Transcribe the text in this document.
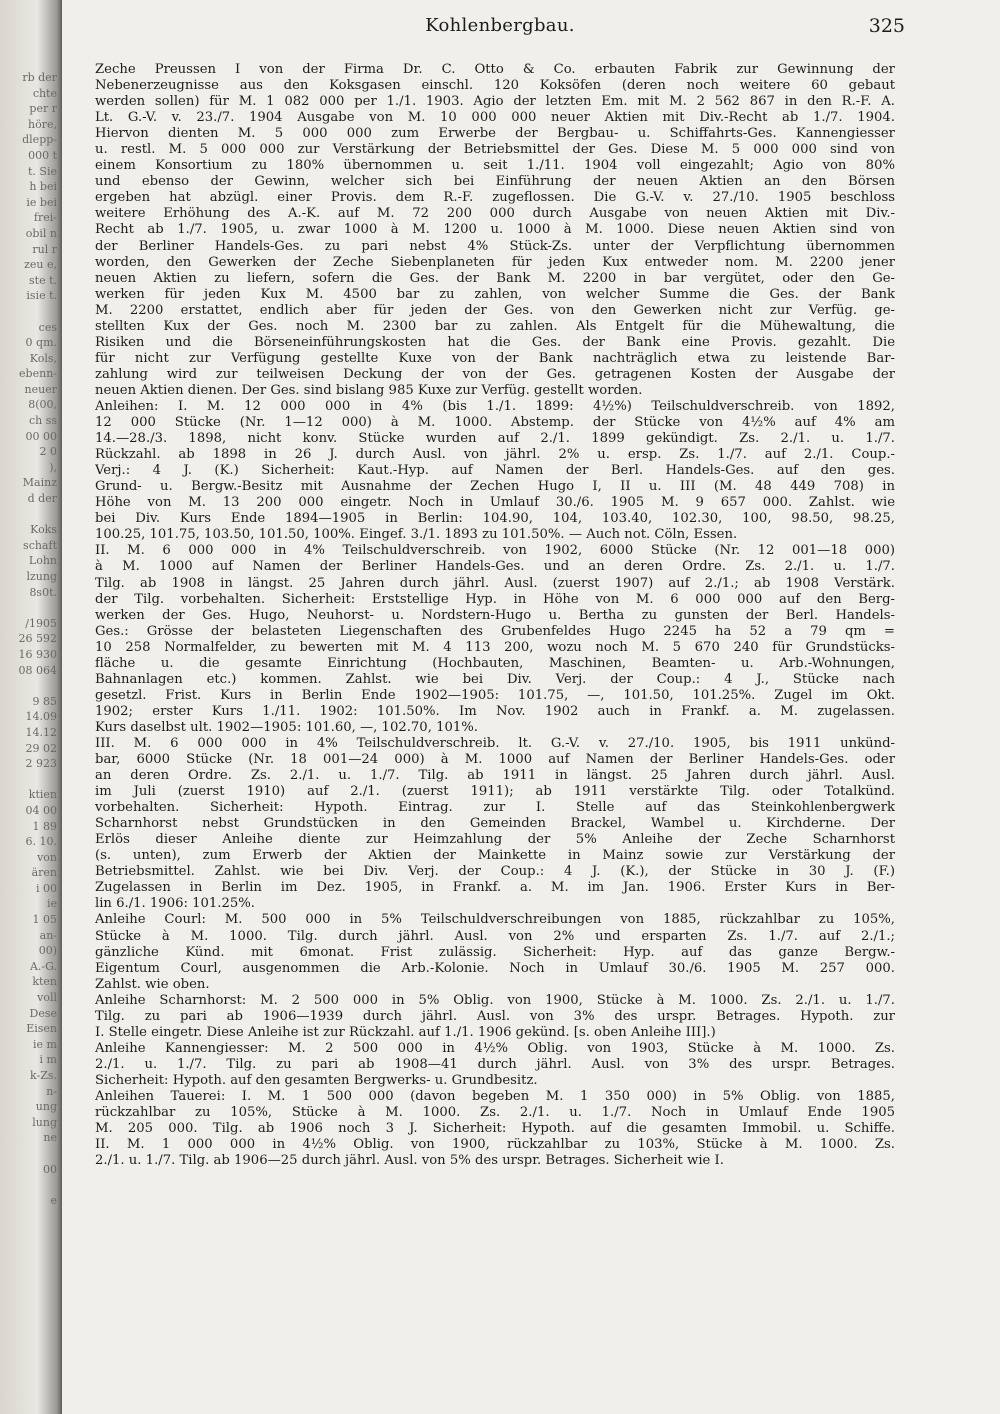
rb der
chte
per r
höre,
dlepp-
000 t
t. Sie
h bei
ie bei
frei-
obil n
rul r
zeu e,
ste t.
isie t.
ces
0 qm.
Kols,
ebenn-
neuer
8(00,
ch ss
00 00
2 0
),
Mainz
d der
Koks
schaft
Lohn
lzung
8s0t.
/1905
26 592
16 930
08 064
9 85
14.09
14.12
29 02
2 923
ktien
04 00
1 89
6. 10.
von
ären
i 00
ie
1 05
an-
00)
A.-G.
kten
voll
Dese
Eisen
ie m
i m
k-Zs.
n-
ung
lung
ne
00
e
Kohlenbergbau.	325
Zeche Preussen I von der Firma Dr. C. Otto & Co. erbauten Fabrik zur Gewinnung der
Nebenerzeugnisse aus den Koksgasen einschl. 120 Koksöfen (deren noch weitere 60 gebaut
werden sollen) für M. 1 082 000 per 1./1. 1903. Agio der letzten Em. mit M. 2 562 867 in den R.-F. A.
Lt. G.-V. v. 23./7. 1904 Ausgabe von M. 10 000 000 neuer Aktien mit Div.-Recht ab 1./7. 1904.
Hiervon dienten M. 5 000 000 zum Erwerbe der Bergbau- u. Schiffahrts-Ges. Kannengiesser
u. restl. M. 5 000 000 zur Verstärkung der Betriebsmittel der Ges. Diese M. 5 000 000 sind von
einem Konsortium zu 180% übernommen u. seit 1./11. 1904 voll eingezahlt; Agio von 80%
und ebenso der Gewinn, welcher sich bei Einführung der neuen Aktien an den Börsen
ergeben hat abzügl. einer Provis. dem R.-F. zugeflossen. Die G.-V. v. 27./10. 1905 beschloss
weitere Erhöhung des A.-K. auf M. 72 200 000 durch Ausgabe von neuen Aktien mit Div.-
Recht ab 1./7. 1905, u. zwar 1000 à M. 1200 u. 1000 à M. 1000. Diese neuen Aktien sind von
der Berliner Handels-Ges. zu pari nebst 4% Stück-Zs. unter der Verpflichtung übernommen
worden, den Gewerken der Zeche Siebenplaneten für jeden Kux entweder nom. M. 2200 jener
neuen Aktien zu liefern, sofern die Ges. der Bank M. 2200 in bar vergütet, oder den Ge-
werken für jeden Kux M. 4500 bar zu zahlen, von welcher Summe die Ges. der Bank
M. 2200 erstattet, endlich aber für jeden der Ges. von den Gewerken nicht zur Verfüg. ge-
stellten Kux der Ges. noch M. 2300 bar zu zahlen. Als Entgelt für die Mühewaltung, die
Risiken und die Börseneinführungskosten hat die Ges. der Bank eine Provis. gezahlt. Die
für nicht zur Verfügung gestellte Kuxe von der Bank nachträglich etwa zu leistende Bar-
zahlung wird zur teilweisen Deckung der von der Ges. getragenen Kosten der Ausgabe der
neuen Aktien dienen. Der Ges. sind bislang 985 Kuxe zur Verfüg. gestellt worden.
Anleihen: I. M. 12 000 000 in 4% (bis 1./1. 1899: 4½%) Teilschuldverschreib. von 1892,
12 000 Stücke (Nr. 1—12 000) à M. 1000. Abstemp. der Stücke von 4½% auf 4% am
14.—28./3. 1898, nicht konv. Stücke wurden auf 2./1. 1899 gekündigt. Zs. 2./1. u. 1./7.
Rückzahl. ab 1898 in 26 J. durch Ausl. von jährl. 2% u. ersp. Zs. 1./7. auf 2./1. Coup.-
Verj.: 4 J. (K.) Sicherheit: Kaut.-Hyp. auf Namen der Berl. Handels-Ges. auf den ges.
Grund- u. Bergw.-Besitz mit Ausnahme der Zechen Hugo I, II u. III (M. 48 449 708) in
Höhe von M. 13 200 000 eingetr. Noch in Umlauf 30./6. 1905 M. 9 657 000. Zahlst. wie
bei Div. Kurs Ende 1894—1905 in Berlin: 104.90, 104, 103.40, 102.30, 100, 98.50, 98.25,
100.25, 101.75, 103.50, 101.50, 100%. Eingef. 3./1. 1893 zu 101.50%. — Auch not. Cöln, Essen.
II. M. 6 000 000 in 4% Teilschuldverschreib. von 1902, 6000 Stücke (Nr. 12 001—18 000)
à M. 1000 auf Namen der Berliner Handels-Ges. und an deren Ordre. Zs. 2./1. u. 1./7.
Tilg. ab 1908 in längst. 25 Jahren durch jährl. Ausl. (zuerst 1907) auf 2./1.; ab 1908 Verstärk.
der Tilg. vorbehalten. Sicherheit: Erststellige Hyp. in Höhe von M. 6 000 000 auf den Berg-
werken der Ges. Hugo, Neuhorst- u. Nordstern-Hugo u. Bertha zu gunsten der Berl. Handels-
Ges.: Grösse der belasteten Liegenschaften des Grubenfeldes Hugo 2245 ha 52 a 79 qm =
10 258 Normalfelder, zu bewerten mit M. 4 113 200, wozu noch M. 5 670 240 für Grundstücks-
fläche u. die gesamte Einrichtung (Hochbauten, Maschinen, Beamten- u. Arb.-Wohnungen,
Bahnanlagen etc.) kommen. Zahlst. wie bei Div. Verj. der Coup.: 4 J., Stücke nach
gesetzl. Frist. Kurs in Berlin Ende 1902—1905: 101.75, —, 101.50, 101.25%. Zugel im Okt.
1902; erster Kurs 1./11. 1902: 101.50%. Im Nov. 1902 auch in Frankf. a. M. zugelassen.
Kurs daselbst ult. 1902—1905: 101.60, —, 102.70, 101%.
III. M. 6 000 000 in 4% Teilschuldverschreib. lt. G.-V. v. 27./10. 1905, bis 1911 unkünd-
bar, 6000 Stücke (Nr. 18 001—24 000) à M. 1000 auf Namen der Berliner Handels-Ges. oder
an deren Ordre. Zs. 2./1. u. 1./7. Tilg. ab 1911 in längst. 25 Jahren durch jährl. Ausl.
im Juli (zuerst 1910) auf 2./1. (zuerst 1911); ab 1911 verstärkte Tilg. oder Totalkünd.
vorbehalten. Sicherheit: Hypoth. Eintrag. zur I. Stelle auf das Steinkohlenbergwerk
Scharnhorst nebst Grundstücken in den Gemeinden Brackel, Wambel u. Kirchderne. Der
Erlös dieser Anleihe diente zur Heimzahlung der 5% Anleihe der Zeche Scharnhorst
(s. unten), zum Erwerb der Aktien der Mainkette in Mainz sowie zur Verstärkung der
Betriebsmittel. Zahlst. wie bei Div. Verj. der Coup.: 4 J. (K.), der Stücke in 30 J. (F.)
Zugelassen in Berlin im Dez. 1905, in Frankf. a. M. im Jan. 1906. Erster Kurs in Ber-
lin 6./1. 1906: 101.25%.
Anleihe Courl: M. 500 000 in 5% Teilschuldverschreibungen von 1885, rückzahlbar zu 105%,
Stücke à M. 1000. Tilg. durch jährl. Ausl. von 2% und ersparten Zs. 1./7. auf 2./1.;
gänzliche Künd. mit 6monat. Frist zulässig. Sicherheit: Hyp. auf das ganze Bergw.-
Eigentum Courl, ausgenommen die Arb.-Kolonie. Noch in Umlauf 30./6. 1905 M. 257 000.
Zahlst. wie oben.
Anleihe Scharnhorst: M. 2 500 000 in 5% Oblig. von 1900, Stücke à M. 1000. Zs. 2./1. u. 1./7.
Tilg. zu pari ab 1906—1939 durch jährl. Ausl. von 3% des urspr. Betrages. Hypoth. zur
I. Stelle eingetr. Diese Anleihe ist zur Rückzahl. auf 1./1. 1906 gekünd. [s. oben Anleihe III].)
Anleihe Kannengiesser: M. 2 500 000 in 4½% Oblig. von 1903, Stücke à M. 1000. Zs.
2./1. u. 1./7. Tilg. zu pari ab 1908—41 durch jährl. Ausl. von 3% des urspr. Betrages.
Sicherheit: Hypoth. auf den gesamten Bergwerks- u. Grundbesitz.
Anleihen Tauerei: I. M. 1 500 000 (davon begeben M. 1 350 000) in 5% Oblig. von 1885,
rückzahlbar zu 105%, Stücke à M. 1000. Zs. 2./1. u. 1./7. Noch in Umlauf Ende 1905
M. 205 000. Tilg. ab 1906 noch 3 J. Sicherheit: Hypoth. auf die gesamten Immobil. u. Schiffe.
II. M. 1 000 000 in 4½% Oblig. von 1900, rückzahlbar zu 103%, Stücke à M. 1000. Zs.
2./1. u. 1./7. Tilg. ab 1906—25 durch jährl. Ausl. von 5% des urspr. Betrages. Sicherheit wie I.
